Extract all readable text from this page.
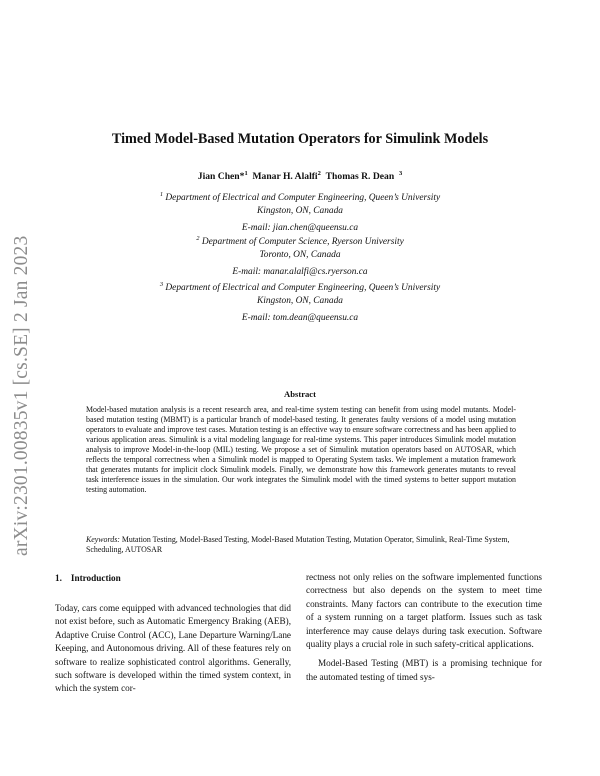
arXiv:2301.00835v1 [cs.SE] 2 Jan 2023
Timed Model-Based Mutation Operators for Simulink Models
Jian Chen*$^1$ Manar H. Alalfi$^2$ Thomas R. Dean $^3$
$^1$ Department of Electrical and Computer Engineering, Queen’s University
Kingston, ON, Canada
E-mail: jian.chen@queensu.ca
$^2$ Department of Computer Science, Ryerson University
Toronto, ON, Canada
E-mail: manar.alalfi@cs.ryerson.ca
$^3$ Department of Electrical and Computer Engineering, Queen’s University
Kingston, ON, Canada
E-mail: tom.dean@queensu.ca
Abstract
Model-based mutation analysis is a recent research area, and real-time system testing can benefit from using model mutants. Model-based mutation testing (MBMT) is a particular branch of model-based testing. It generates faulty versions of a model using mutation operators to evaluate and improve test cases. Mutation testing is an effective way to ensure software correctness and has been applied to various application areas. Simulink is a vital modeling language for real-time systems. This paper introduces Simulink model mutation analysis to improve Model-in-the-loop (MIL) testing. We propose a set of Simulink mutation operators based on AUTOSAR, which reflects the temporal correctness when a Simulink model is mapped to Operating System tasks. We implement a mutation framework that generates mutants for implicit clock Simulink models. Finally, we demonstrate how this framework generates mutants to reveal task interference issues in the simulation. Our work integrates the Simulink model with the timed systems to better support mutation testing automation.
Keywords: Mutation Testing, Model-Based Testing, Model-Based Mutation Testing, Mutation Operator, Simulink, Real-Time System, Scheduling, AUTOSAR
1. Introduction

Today, cars come equipped with advanced technologies that did not exist before, such as Automatic Emergency Braking (AEB), Adaptive Cruise Control (ACC), Lane Departure Warning/Lane Keeping, and Autonomous driving. All of these features rely on software to realize sophisticated control algorithms. Generally, such software is developed within the timed system context, in which the system cor-

rectness not only relies on the software implemented functions correctness but also depends on the system to meet time constraints. Many factors can contribute to the execution time of a system running on a target platform. Issues such as task interference may cause delays during task execution. Software quality plays a crucial role in such safety-critical applications.

Model-Based Testing (MBT) is a promising technique for the automated testing of timed sys-
